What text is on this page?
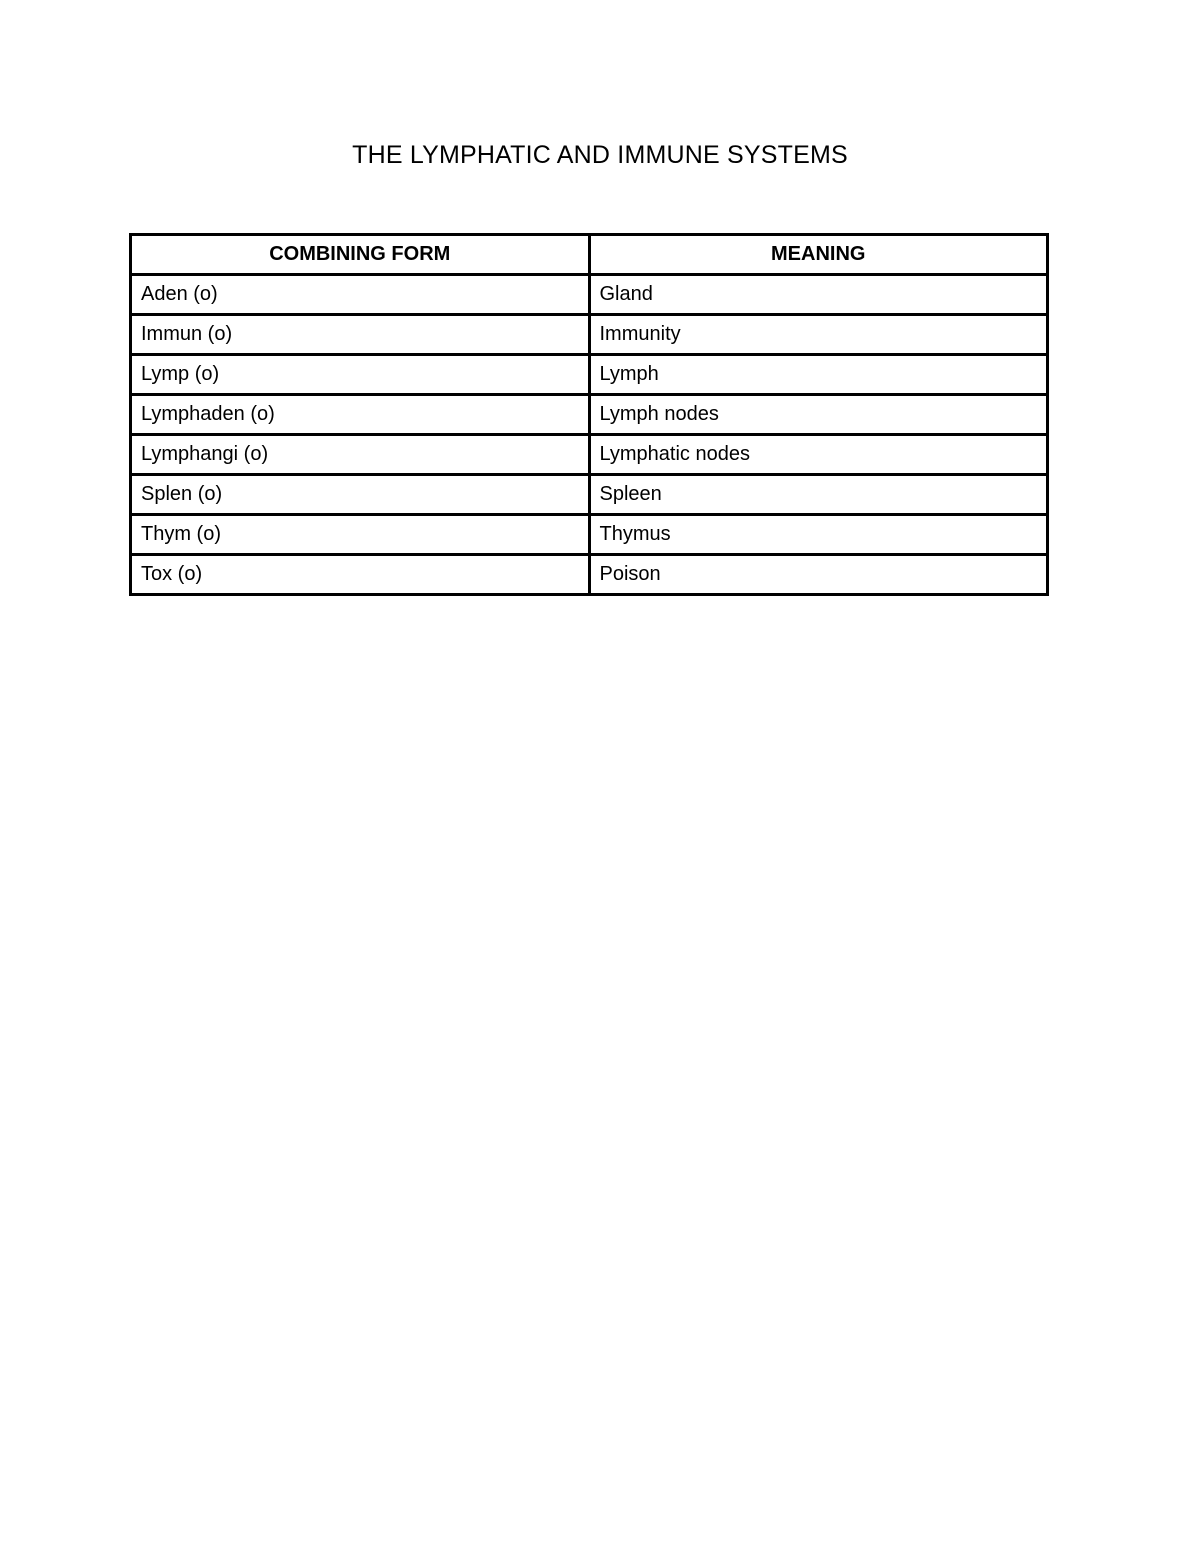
THE LYMPHATIC AND IMMUNE SYSTEMS
COMBINING FORM	MEANING
Aden (o)	Gland
Immun (o)	Immunity
Lymp (o)	Lymph
Lymphaden (o)	Lymph nodes
Lymphangi (o)	Lymphatic nodes
Splen (o)	Spleen
Thym (o)	Thymus
Tox (o)	Poison
